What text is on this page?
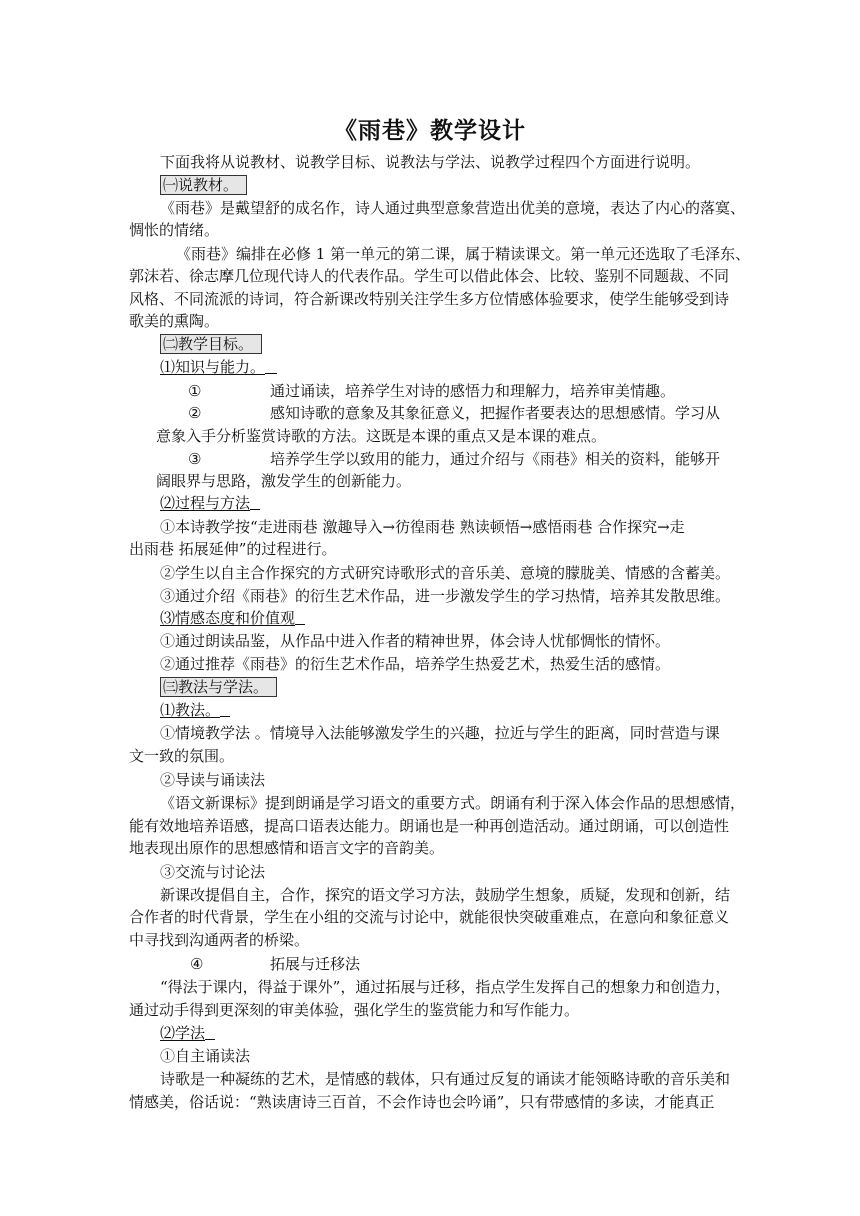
《雨巷》教学设计
下面我将从说教材、说教学目标、说教法与学法、说教学过程四个方面进行说明。
㈠说教材。
《雨巷》是戴望舒的成名作，诗人通过典型意象营造出优美的意境，表达了内心的落寞、
惆怅的情绪。
《雨巷》编排在必修 1 第一单元的第二课，属于精读课文。第一单元还选取了毛泽东、
郭沫若、徐志摩几位现代诗人的代表作品。学生可以借此体会、比较、鉴别不同题裁、不同
风格、不同流派的诗词，符合新课改特别关注学生多方位情感体验要求，使学生能够受到诗
歌美的熏陶。
㈡教学目标。
⑴知识与能力。
①	通过诵读，培养学生对诗的感悟力和理解力，培养审美情趣。
②	感知诗歌的意象及其象征意义，把握作者要表达的思想感情。学习从
意象入手分析鉴赏诗歌的方法。这既是本课的重点又是本课的难点。
③	培养学生学以致用的能力，通过介绍与《雨巷》相关的资料，能够开
阔眼界与思路，激发学生的创新能力。
⑵过程与方法
①本诗教学按“走进雨巷 激趣导入→彷徨雨巷 熟读顿悟→感悟雨巷 合作探究→走
出雨巷 拓展延伸”的过程进行。
②学生以自主合作探究的方式研究诗歌形式的音乐美、意境的朦胧美、情感的含蓄美。
③通过介绍《雨巷》的衍生艺术作品，进一步激发学生的学习热情，培养其发散思维。
⑶情感态度和价值观
①通过朗读品鉴，从作品中进入作者的精神世界，体会诗人忧郁惆怅的情怀。
②通过推荐《雨巷》的衍生艺术作品，培养学生热爱艺术，热爱生活的感情。
㈢教法与学法。
⑴教法。
①情境教学法 。情境导入法能够激发学生的兴趣，拉近与学生的距离，同时营造与课
文一致的氛围。
②导读与诵读法
《语文新课标》提到朗诵是学习语文的重要方式。朗诵有利于深入体会作品的思想感情，
能有效地培养语感，提高口语表达能力。朗诵也是一种再创造活动。通过朗诵，可以创造性
地表现出原作的思想感情和语言文字的音韵美。
③交流与讨论法
新课改提倡自主，合作，探究的语文学习方法，鼓励学生想象，质疑，发现和创新，结
合作者的时代背景，学生在小组的交流与讨论中，就能很快突破重难点，在意向和象征意义
中寻找到沟通两者的桥梁。
④	拓展与迁移法
“得法于课内，得益于课外”，通过拓展与迁移，指点学生发挥自己的想象力和创造力，
通过动手得到更深刻的审美体验，强化学生的鉴赏能力和写作能力。
⑵学法
①自主诵读法
诗歌是一种凝练的艺术，是情感的载体，只有通过反复的诵读才能领略诗歌的音乐美和
情感美，俗话说：“熟读唐诗三百首，不会作诗也会吟诵”，只有带感情的多读，才能真正
